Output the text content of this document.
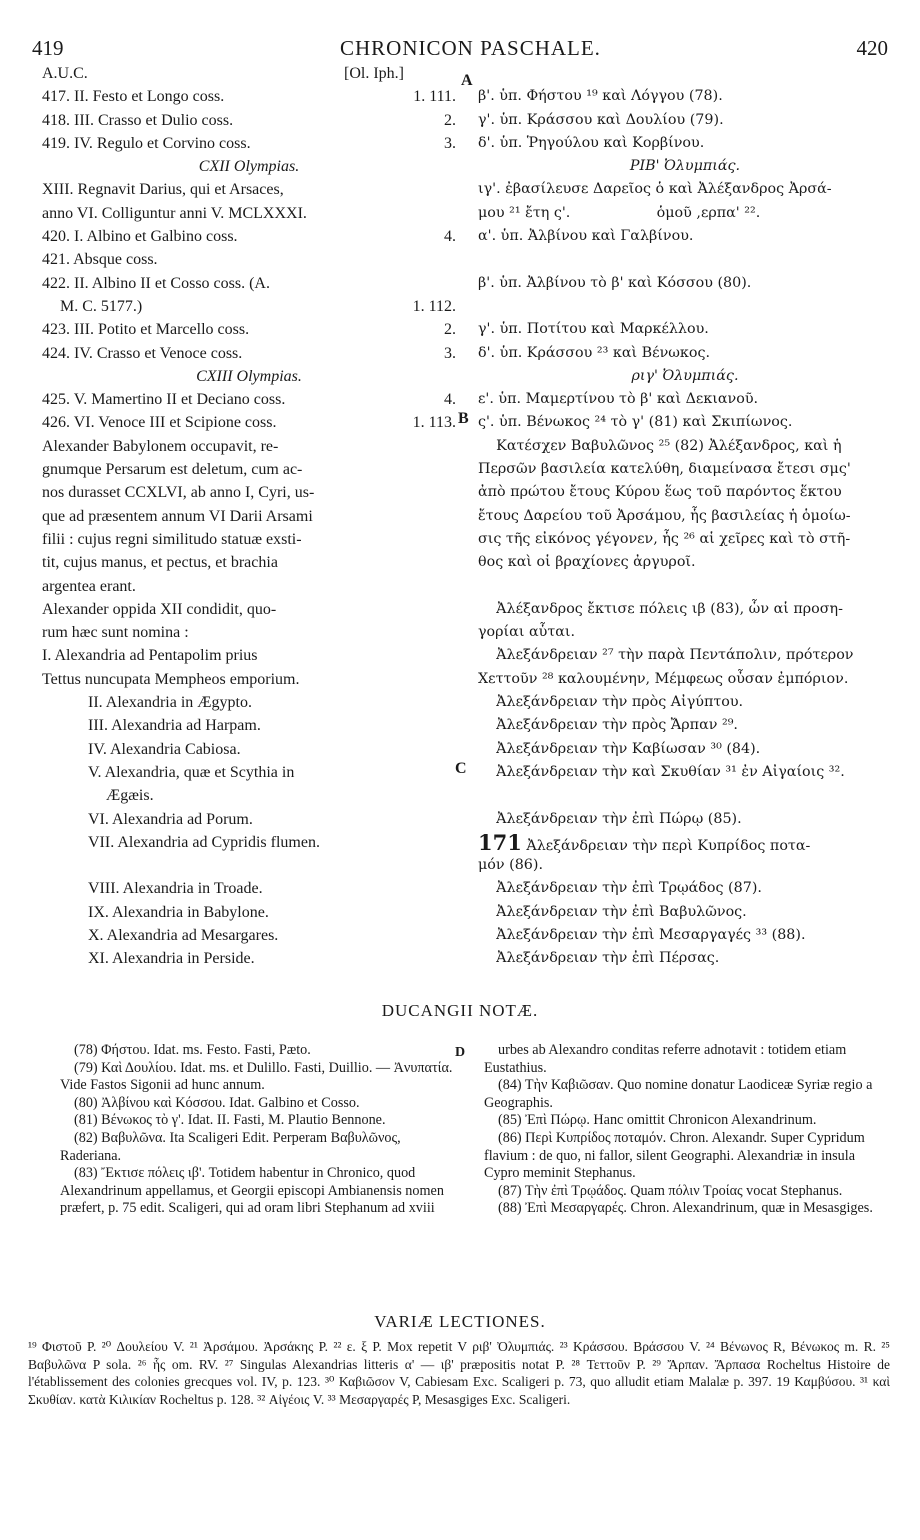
419	CHRONICON PASCHALE.	420
A
B
C
D
A.U.C.	[Ol. Iph.]
417. II. Festo et Longo coss.	1. 111.
418. III. Crasso et Dulio coss.	2.
419. IV. Regulo et Corvino coss.	3.
CXII Olympias.
XIII. Regnavit Darius, qui et Arsaces,
anno VI. Colliguntur anni V. MCLXXXI.
420. I. Albino et Galbino coss.	4.
421. Absque coss.
422. II. Albino II et Cosso coss. (A.
M. C. 5177.)	1. 112.
423. III. Potito et Marcello coss.	2.
424. IV. Crasso et Venoce coss.	3.
CXIII Olympias.
425. V. Mamertino II et Deciano coss.	4.
426. VI. Venoce III et Scipione coss.	1. 113.
Alexander Babylonem occupavit, re-
gnumque Persarum est deletum, cum ac-
nos durasset CCXLVI, ab anno I, Cyri, us-
que ad præsentem annum VI Darii Arsami
filii : cujus regni similitudo statuæ exsti-
tit, cujus manus, et pectus, et brachia
argentea erant.
Alexander oppida XII condidit, quo-
rum hæc sunt nomina :
I. Alexandria ad Pentapolim prius
Tettus nuncupata Mempheos emporium.
II. Alexandria in Ægypto.
III. Alexandria ad Harpam.
IV. Alexandria Cabiosa.
V. Alexandria, quæ et Scythia in
Ægæis.
VI. Alexandria ad Porum.
VII. Alexandria ad Cypridis flumen.
VIII. Alexandria in Troade.
IX. Alexandria in Babylone.
X. Alexandria ad Mesargares.
XI. Alexandria in Perside.
β'. ὑπ. Φήστου ¹⁹ καὶ Λόγγου (78).
γ'. ὑπ. Κράσσου καὶ Δουλίου (79).
δ'. ὑπ. Ῥηγούλου καὶ Κορβίνου.
ΡΙΒ' Ὀλυμπιάς.
ιγ'. ἐβασίλευσε Δαρεῖος ὁ καὶ Ἀλέξανδρος Ἀρσά-
μου ²¹ ἔτη ς'.                   ὁμοῦ ,ερπα' ²².
α'. ὑπ. Ἀλβίνου καὶ Γαλβίνου.
β'. ὑπ. Ἀλβίνου τὸ β' καὶ Κόσσου (80).
γ'. ὑπ. Ποτίτου καὶ Μαρκέλλου.
δ'. ὑπ. Κράσσου ²³ καὶ Βένωκος.
ριγ' Ὀλυμπιάς.
ε'. ὑπ. Μαμερτίνου τὸ β' καὶ Δεκιανοῦ.
ς'. ὑπ. Βένωκος ²⁴ τὸ γ' (81) καὶ Σκιπίωνος.
Κατέσχεν Βαβυλῶνος ²⁵ (82) Ἀλέξανδρος, καὶ ἡ
Περσῶν βασιλεία κατελύθη, διαμείνασα ἔτεσι σμς'
ἀπὸ πρώτου ἔτους Κύρου ἕως τοῦ παρόντος ἕκτου
ἔτους Δαρείου τοῦ Ἀρσάμου, ἧς βασιλείας ἡ ὁμοίω-
σις τῆς εἰκόνος γέγονεν, ἧς ²⁶ αἱ χεῖρες καὶ τὸ στῆ-
θος καὶ οἱ βραχίονες ἀργυροῖ.
Ἀλέξανδρος ἔκτισε πόλεις ιβ (83), ὧν αἱ προση-
γορίαι αὗται.
Ἀλεξάνδρειαν ²⁷ τὴν παρὰ Πεντάπολιν, πρότερον
Χεττοῦν ²⁸ καλουμένην, Μέμφεως οὖσαν ἐμπόριον.
Ἀλεξάνδρειαν τὴν πρὸς Αἰγύπτου.
Ἀλεξάνδρειαν τὴν πρὸς Ἄρπαν ²⁹.
Ἀλεξάνδρειαν τὴν Καβίωσαν ³⁰ (84).
Ἀλεξάνδρειαν τὴν καὶ Σκυθίαν ³¹ ἐν Αἰγαίοις ³².
Ἀλεξάνδρειαν τὴν ἐπὶ Πώρῳ (85).
171 Ἀλεξάνδρειαν τὴν περὶ Κυπρίδος ποτα-
μόν (86).
Ἀλεξάνδρειαν τὴν ἐπὶ Τρῳάδος (87).
Ἀλεξάνδρειαν τὴν ἐπὶ Βαβυλῶνος.
Ἀλεξάνδρειαν τὴν ἐπὶ Μεσαργαγές ³³ (88).
Ἀλεξάνδρειαν τὴν ἐπὶ Πέρσας.
DUCANGII NOTÆ.

(78) Φήστου. Idat. ms. Festo. Fasti, Pæto.

(79) Καὶ Δουλίου. Idat. ms. et Dulillo. Fasti, Duillio. — Ἀνυπατία. Vide Fastos Sigonii ad hunc annum.

(80) Ἀλβίνου καὶ Κόσσου. Idat. Galbino et Cosso.

(81) Βένωκος τὸ γ'. Idat. II. Fasti, M. Plautio Bennone.

(82) Βαβυλῶνα. Ita Scaligeri Edit. Perperam Βαβυλῶνος, Raderiana.

(83) Ἔκτισε πόλεις ιβ'. Totidem habentur in Chronico, quod Alexandrinum appellamus, et Georgii episcopi Ambianensis nomen præfert, p. 75 edit. Scaligeri, qui ad oram libri Stephanum ad xviii

urbes ab Alexandro conditas referre adnotavit : totidem etiam Eustathius.

(84) Τὴν Καβιῶσαν. Quo nomine donatur Laodiceæ Syriæ regio a Geographis.

(85) Ἐπὶ Πώρῳ. Hanc omittit Chronicon Alexandrinum.

(86) Περὶ Κυπρίδος ποταμόν. Chron. Alexandr. Super Cypridum flavium : de quo, ni fallor, silent Geographi. Alexandriæ in insula Cypro meminit Stephanus.

(87) Τὴν ἐπὶ Τρῳάδος. Quam πόλιν Τροίας vocat Stephanus.

(88) Ἐπὶ Μεσαργαρές. Chron. Alexandrinum, quæ in Mesasgiges.

VARIÆ LECTIONES.
¹⁹ Φιστοῦ P. ²⁰ Δουλείου V. ²¹ Ἀρσάμου. Ἀρσάκης P. ²² ε. ξ P. Mox repetit V ριβ' Ὀλυμπιάς. ²³ Κράσσου. Βράσσου V. ²⁴ Βένωνος R, Βένωκος m. R. ²⁵ Βαβυλῶνα P sola. ²⁶ ἧς om. RV. ²⁷ Singulas Alexandrias litteris α' — ιβ' præpositis notat P. ²⁸ Τεττοῦν P. ²⁹ Ἄρπαν. Ἄρπασα Rocheltus Histoire de l'établissement des colonies grecques vol. IV, p. 123. ³⁰ Καβιῶσον V, Cabiesam Exc. Scaligeri p. 73, quo alludit etiam Malalæ p. 397. 19 Καμβύσου. ³¹ καὶ Σκυθίαν. κατὰ Κιλικίαν Rocheltus p. 128. ³² Αἰγέοις V. ³³ Μεσαργαρές P, Mesasgiges Exc. Scaligeri.
